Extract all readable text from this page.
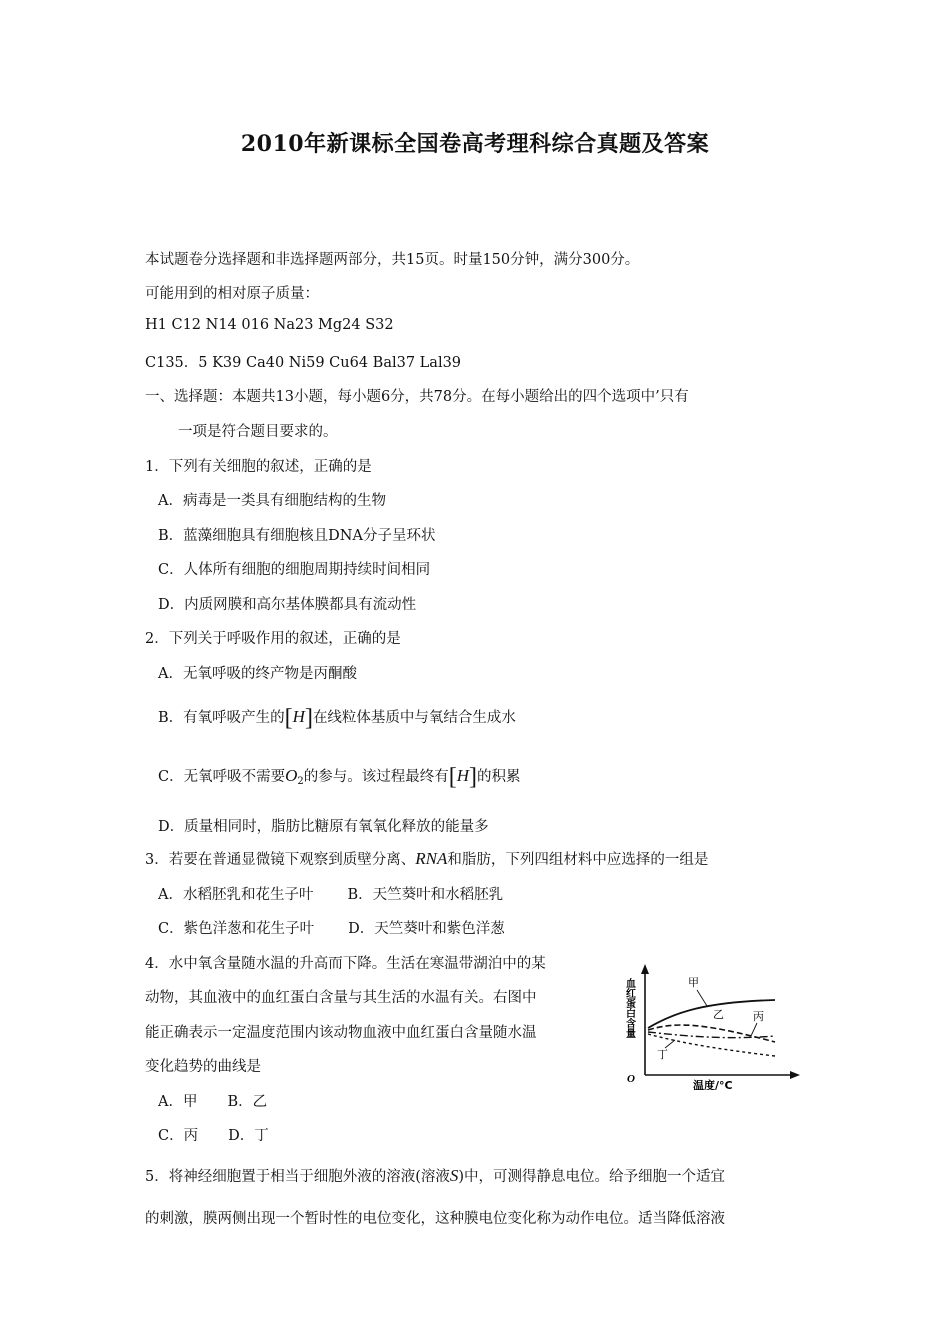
2010年新课标全国卷高考理科综合真题及答案
本试题卷分选择题和非选择题两部分，共15页。时量150分钟，满分300分。
可能用到的相对原子质量：
H1 C12 N14 016 Na23 Mg24 S32
C135．5 K39 Ca40 Ni59 Cu64 Bal37 Lal39
一、选择题：本题共13小题，每小题6分，共78分。在每小题给出的四个选项中’只有
一项是符合题目要求的。
1．下列有关细胞的叙述，正确的是
A．病毒是一类具有细胞结构的生物
B．蓝藻细胞具有细胞核且DNA分子呈环状
C．人体所有细胞的细胞周期持续时间相同
D．内质网膜和高尔基体膜都具有流动性
2．下列关于呼吸作用的叙述，正确的是
A．无氧呼吸的终产物是丙酮酸
B．有氧呼吸产生的[H]在线粒体基质中与氧结合生成水
C．无氧呼吸不需要$O_2$的参与。该过程最终有[H]的积累
D．质量相同时，脂肪比糖原有氧氧化释放的能量多
3．若要在普通显微镜下观察到质壁分离、RNA和脂肪，下列四组材料中应选择的一组是
A．水稻胚乳和花生子叶 B．天竺葵叶和水稻胚乳
C．紫色洋葱和花生子叶 D．天竺葵叶和紫色洋葱
4．水中氧含量随水温的升高而下降。生活在寒温带湖泊中的某
动物，其血液中的血红蛋白含量与其生活的水温有关。右图中
能正确表示一定温度范围内该动物血液中血红蛋白含量随水温
变化趋势的曲线是
A．甲 B．乙
C．丙 D．丁
血红蛋白含量
O	温度/°C
甲
乙	丙
丁
5．将神经细胞置于相当于细胞外液的溶液(溶液S)中，可测得静息电位。给予细胞一个适宜
的刺激，膜两侧出现一个暂时性的电位变化，这种膜电位变化称为动作电位。适当降低溶液
